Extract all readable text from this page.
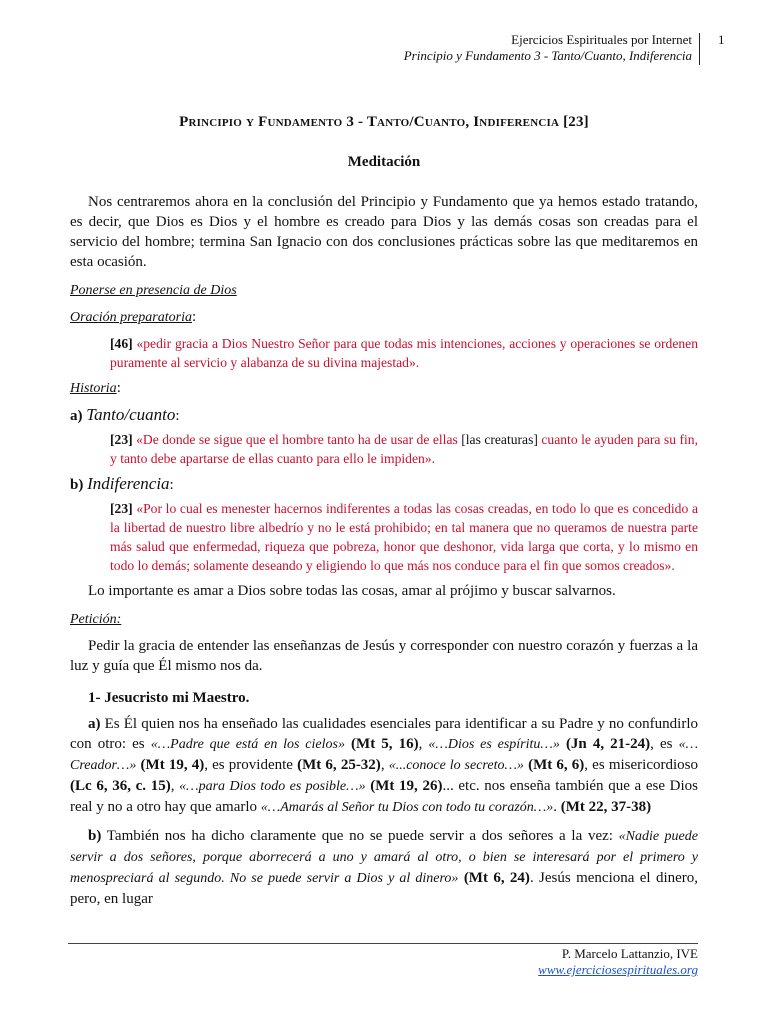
Ejercicios Espirituales por Internet
Principio y Fundamento 3 - Tanto/Cuanto, Indiferencia
1

Principio y Fundamento 3 - Tanto/Cuanto, Indiferencia [23]

Meditación

Nos centraremos ahora en la conclusión del Principio y Fundamento que ya hemos estado tratando, es decir, que Dios es Dios y el hombre es creado para Dios y las demás cosas son creadas para el servicio del hombre; termina San Ignacio con dos conclusiones prácticas sobre las que meditaremos en esta ocasión.

Ponerse en presencia de Dios

Oración preparatoria:

[46] «pedir gracia a Dios Nuestro Señor para que todas mis intenciones, acciones y operaciones se ordenen puramente al servicio y alabanza de su divina majestad».

Historia:

a) Tanto/cuanto:

[23] «De donde se sigue que el hombre tanto ha de usar de ellas [las creaturas] cuanto le ayuden para su fin, y tanto debe apartarse de ellas cuanto para ello le impiden».

b) Indiferencia:

[23] «Por lo cual es menester hacernos indiferentes a todas las cosas creadas, en todo lo que es concedido a la libertad de nuestro libre albedrío y no le está prohibido; en tal manera que no queramos de nuestra parte más salud que enfermedad, riqueza que pobreza, honor que deshonor, vida larga que corta, y lo mismo en todo lo demás; solamente deseando y eligiendo lo que más nos conduce para el fin que somos creados».

Lo importante es amar a Dios sobre todas las cosas, amar al prójimo y buscar salvarnos.

Petición:

Pedir la gracia de entender las enseñanzas de Jesús y corresponder con nuestro corazón y fuerzas a la luz y guía que Él mismo nos da.

1- Jesucristo mi Maestro.

a) Es Él quien nos ha enseñado las cualidades esenciales para identificar a su Padre y no confundirlo con otro: es «…Padre que está en los cielos» (Mt 5, 16), «…Dios es espíritu…» (Jn 4, 21-24), es «…Creador…» (Mt 19, 4), es providente (Mt 6, 25-32), «...conoce lo secreto…» (Mt 6, 6), es misericordioso (Lc 6, 36, c. 15), «…para Dios todo es posible…» (Mt 19, 26)... etc. nos enseña también que a ese Dios real y no a otro hay que amarlo «…Amarás al Señor tu Dios con todo tu corazón…». (Mt 22, 37-38)

b) También nos ha dicho claramente que no se puede servir a dos señores a la vez: «Nadie puede servir a dos señores, porque aborrecerá a uno y amará al otro, o bien se interesará por el primero y menospreciará al segundo. No se puede servir a Dios y al dinero» (Mt 6, 24). Jesús menciona el dinero, pero, en lugar

P. Marcelo Lattanzio, IVE
www.ejerciciosespirituales.org
